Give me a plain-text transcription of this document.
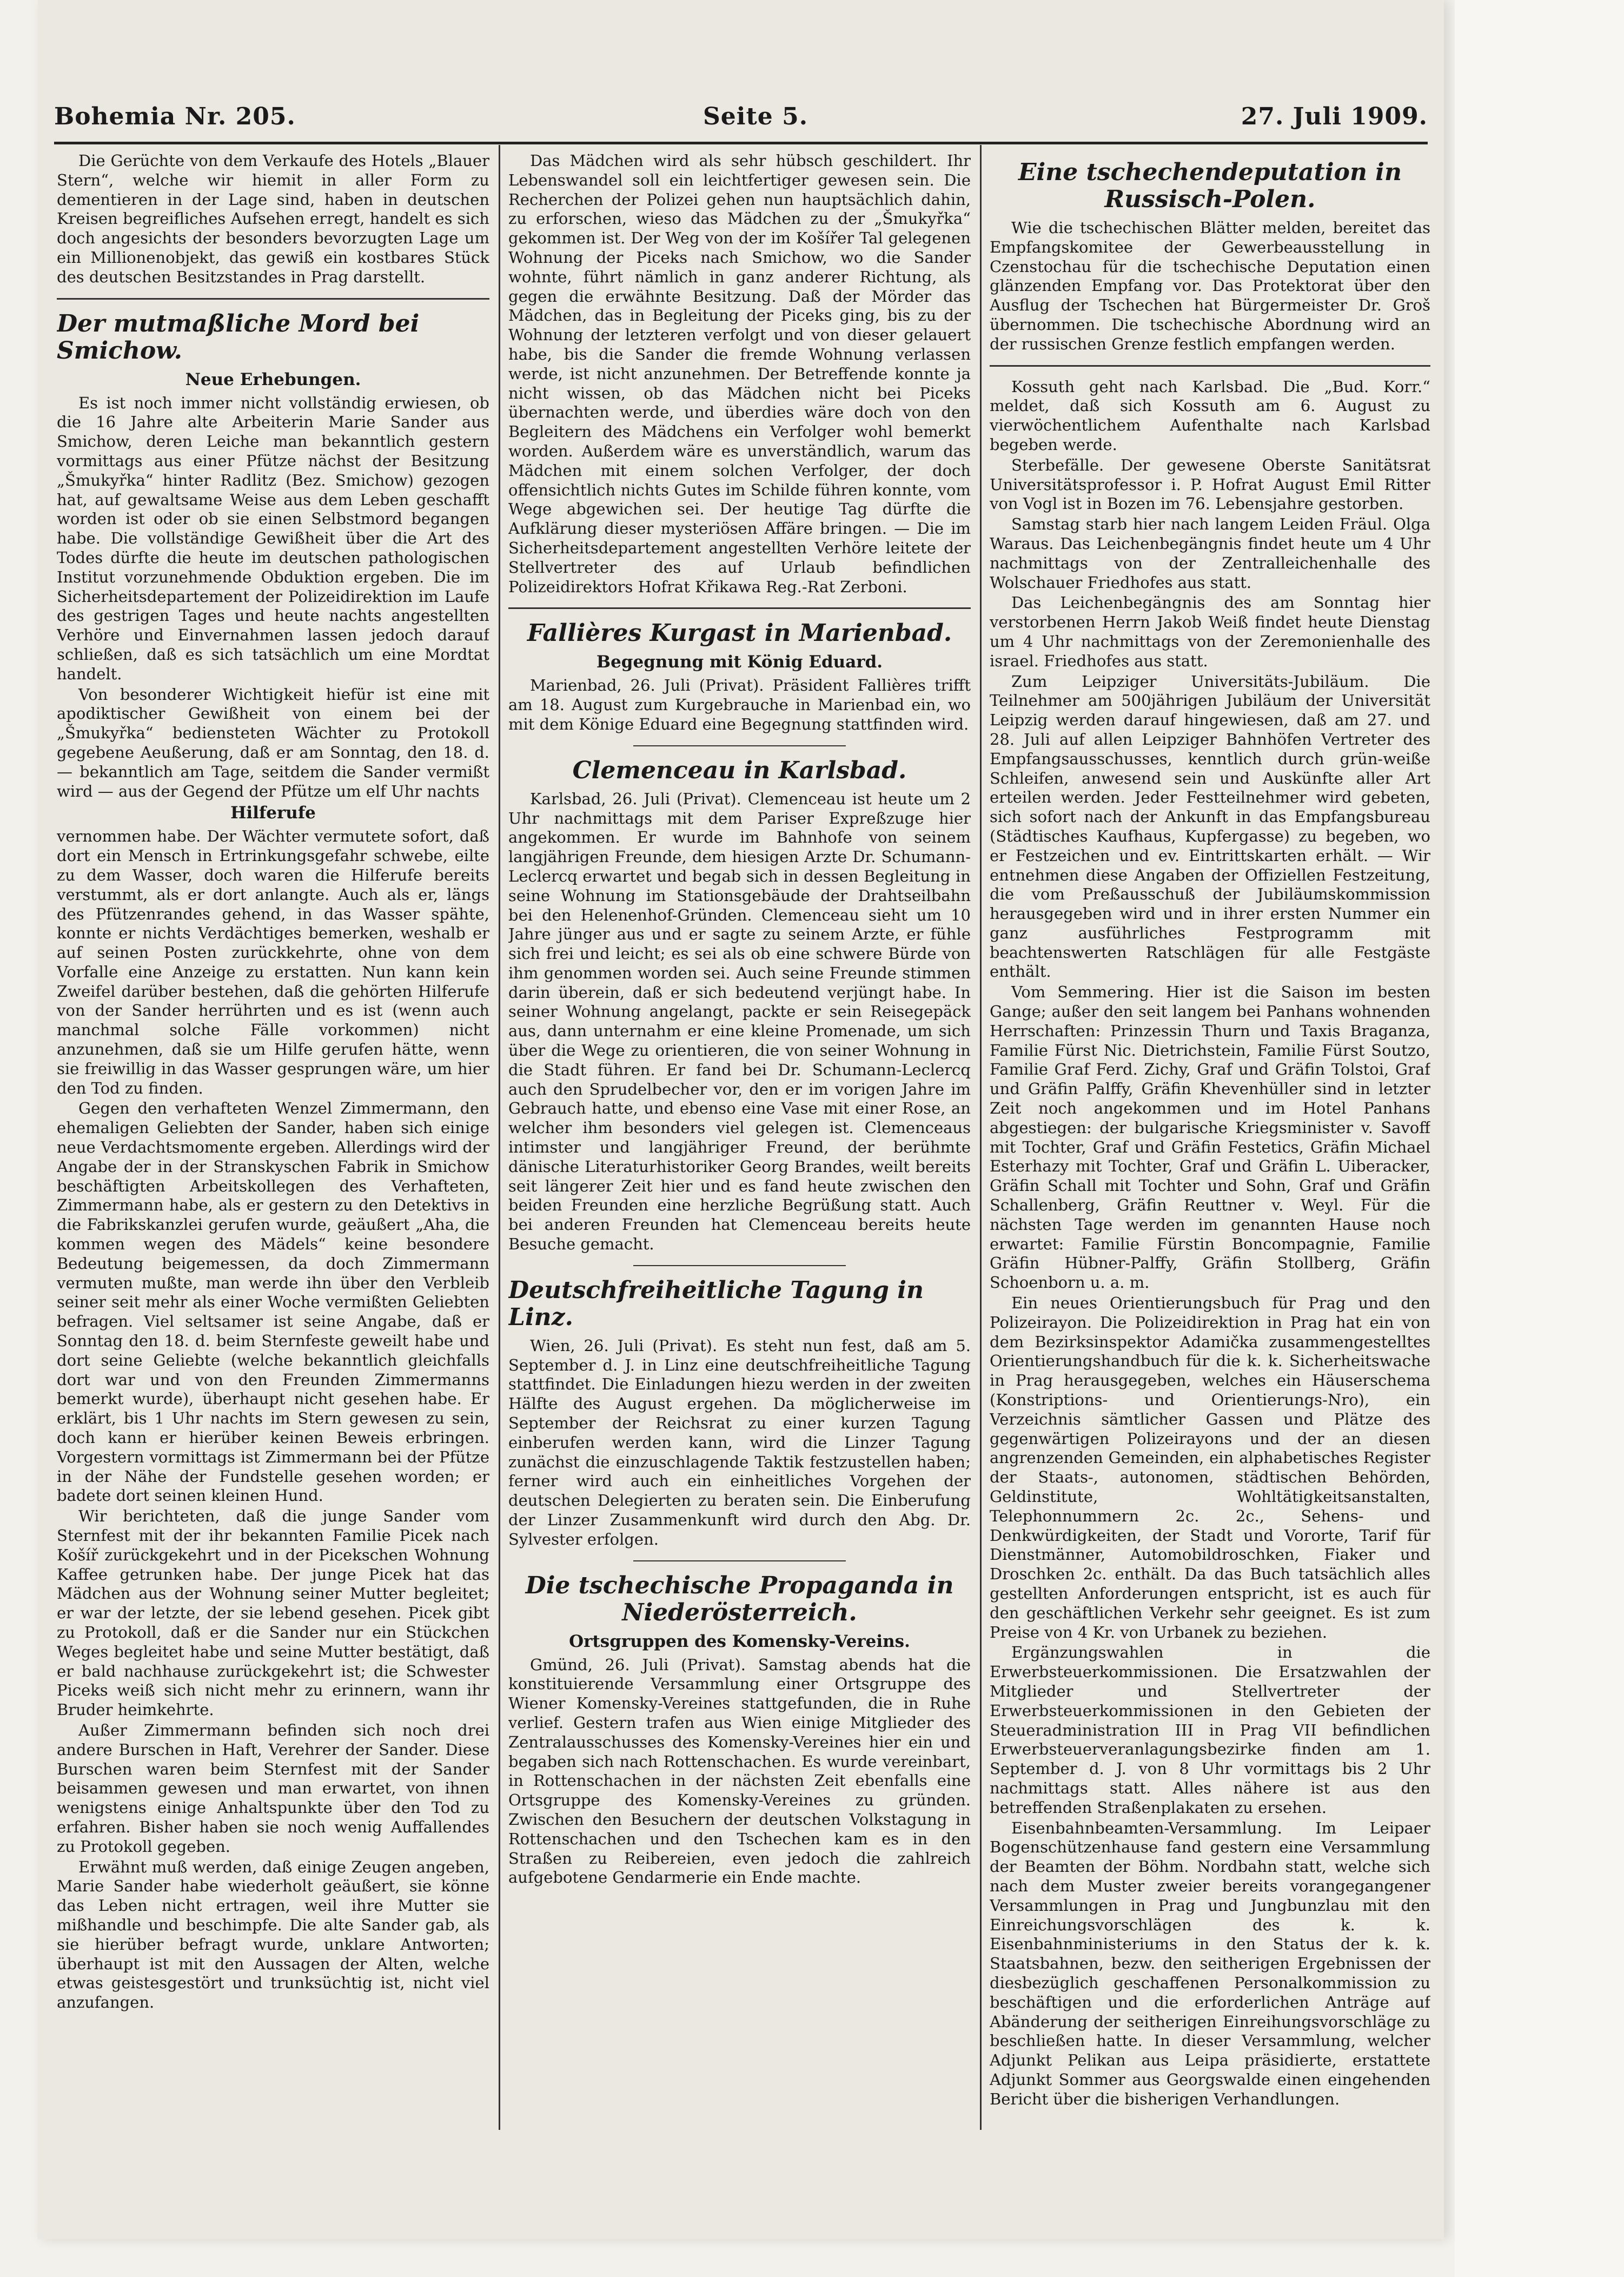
Bohemia Nr. 205.	Seite 5.	27. Juli 1909.

Die Gerüchte von dem Verkaufe des Hotels „Blauer Stern“, welche wir hiemit in aller Form zu dementieren in der Lage sind, haben in deutschen Kreisen begreifliches Aufsehen erregt, handelt es sich doch angesichts der besonders bevorzugten Lage um ein Millionenobjekt, das gewiß ein kostbares Stück des deutschen Besitzstandes in Prag darstellt.

Der mutmaßliche Mord bei Smichow.
Neue Erhebungen.

Es ist noch immer nicht vollständig erwiesen, ob die 16 Jahre alte Arbeiterin Marie Sander aus Smichow, deren Leiche man bekanntlich gestern vormittags aus einer Pfütze nächst der Besitzung „Šmukyřka“ hinter Radlitz (Bez. Smichow) gezogen hat, auf gewaltsame Weise aus dem Leben geschafft worden ist oder ob sie einen Selbstmord begangen habe. Die vollständige Gewißheit über die Art des Todes dürfte die heute im deutschen pathologischen Institut vorzunehmende Obduktion ergeben. Die im Sicherheitsdepartement der Polizeidirektion im Laufe des gestrigen Tages und heute nachts angestellten Verhöre und Einvernahmen lassen jedoch darauf schließen, daß es sich tatsächlich um eine Mordtat handelt.

Von besonderer Wichtigkeit hiefür ist eine mit apodiktischer Gewißheit von einem bei der „Šmukyřka“ bediensteten Wächter zu Protokoll gegebene Aeußerung, daß er am Sonntag, den 18. d. — bekanntlich am Tage, seitdem die Sander vermißt wird — aus der Gegend der Pfütze um elf Uhr nachts

Hilferufe

vernommen habe. Der Wächter vermutete sofort, daß dort ein Mensch in Ertrinkungsgefahr schwebe, eilte zu dem Wasser, doch waren die Hilferufe bereits verstummt, als er dort anlangte. Auch als er, längs des Pfützenrandes gehend, in das Wasser spähte, konnte er nichts Verdächtiges bemerken, weshalb er auf seinen Posten zurückkehrte, ohne von dem Vorfalle eine Anzeige zu erstatten. Nun kann kein Zweifel darüber bestehen, daß die gehörten Hilferufe von der Sander herrührten und es ist (wenn auch manchmal solche Fälle vorkommen) nicht anzunehmen, daß sie um Hilfe gerufen hätte, wenn sie freiwillig in das Wasser gesprungen wäre, um hier den Tod zu finden.

Gegen den verhafteten Wenzel Zimmermann, den ehemaligen Geliebten der Sander, haben sich einige neue Verdachtsmomente ergeben. Allerdings wird der Angabe der in der Stranskyschen Fabrik in Smichow beschäftigten Arbeitskollegen des Verhafteten, Zimmermann habe, als er gestern zu den Detektivs in die Fabrikskanzlei gerufen wurde, geäußert „Aha, die kommen wegen des Mädels“ keine besondere Bedeutung beigemessen, da doch Zimmermann vermuten mußte, man werde ihn über den Verbleib seiner seit mehr als einer Woche vermißten Geliebten befragen. Viel seltsamer ist seine Angabe, daß er Sonntag den 18. d. beim Sternfeste geweilt habe und dort seine Geliebte (welche bekanntlich gleichfalls dort war und von den Freunden Zimmermanns bemerkt wurde), überhaupt nicht gesehen habe. Er erklärt, bis 1 Uhr nachts im Stern gewesen zu sein, doch kann er hierüber keinen Beweis erbringen. Vorgestern vormittags ist Zimmermann bei der Pfütze in der Nähe der Fundstelle gesehen worden; er badete dort seinen kleinen Hund.

Wir berichteten, daß die junge Sander vom Sternfest mit der ihr bekannten Familie Picek nach Košíř zurückgekehrt und in der Picekschen Wohnung Kaffee getrunken habe. Der junge Picek hat das Mädchen aus der Wohnung seiner Mutter begleitet; er war der letzte, der sie lebend gesehen. Picek gibt zu Protokoll, daß er die Sander nur ein Stückchen Weges begleitet habe und seine Mutter bestätigt, daß er bald nachhause zurückgekehrt ist; die Schwester Piceks weiß sich nicht mehr zu erinnern, wann ihr Bruder heimkehrte.

Außer Zimmermann befinden sich noch drei andere Burschen in Haft, Verehrer der Sander. Diese Burschen waren beim Sternfest mit der Sander beisammen gewesen und man erwartet, von ihnen wenigstens einige Anhaltspunkte über den Tod zu erfahren. Bisher haben sie noch wenig Auffallendes zu Protokoll gegeben.

Erwähnt muß werden, daß einige Zeugen angeben, Marie Sander habe wiederholt geäußert, sie könne das Leben nicht ertragen, weil ihre Mutter sie mißhandle und beschimpfe. Die alte Sander gab, als sie hierüber befragt wurde, unklare Antworten; überhaupt ist mit den Aussagen der Alten, welche etwas geistesgestört und trunksüchtig ist, nicht viel anzufangen.

Das Mädchen wird als sehr hübsch geschildert. Ihr Lebenswandel soll ein leichtfertiger gewesen sein. Die Recherchen der Polizei gehen nun hauptsächlich dahin, zu erforschen, wieso das Mädchen zu der „Šmukyřka“ gekommen ist. Der Weg von der im Košířer Tal gelegenen Wohnung der Piceks nach Smichow, wo die Sander wohnte, führt nämlich in ganz anderer Richtung, als gegen die erwähnte Besitzung. Daß der Mörder das Mädchen, das in Begleitung der Piceks ging, bis zu der Wohnung der letzteren verfolgt und von dieser gelauert habe, bis die Sander die fremde Wohnung verlassen werde, ist nicht anzunehmen. Der Betreffende konnte ja nicht wissen, ob das Mädchen nicht bei Piceks übernachten werde, und überdies wäre doch von den Begleitern des Mädchens ein Verfolger wohl bemerkt worden. Außerdem wäre es unverständlich, warum das Mädchen mit einem solchen Verfolger, der doch offensichtlich nichts Gutes im Schilde führen konnte, vom Wege abgewichen sei. Der heutige Tag dürfte die Aufklärung dieser mysteriösen Affäre bringen. — Die im Sicherheitsdepartement angestellten Verhöre leitete der Stellvertreter des auf Urlaub befindlichen Polizeidirektors Hofrat Křikawa Reg.-Rat Zerboni.

Fallières Kurgast in Marienbad.
Begegnung mit König Eduard.

Marienbad, 26. Juli (Privat). Präsident Fallières trifft am 18. August zum Kurgebrauche in Marienbad ein, wo mit dem Könige Eduard eine Begegnung stattfinden wird.

Clemenceau in Karlsbad.

Karlsbad, 26. Juli (Privat). Clemenceau ist heute um 2 Uhr nachmittags mit dem Pariser Expreßzuge hier angekommen. Er wurde im Bahnhofe von seinem langjährigen Freunde, dem hiesigen Arzte Dr. Schumann-Leclercq erwartet und begab sich in dessen Begleitung in seine Wohnung im Stationsgebäude der Drahtseilbahn bei den Helenenhof-Gründen. Clemenceau sieht um 10 Jahre jünger aus und er sagte zu seinem Arzte, er fühle sich frei und leicht; es sei als ob eine schwere Bürde von ihm genommen worden sei. Auch seine Freunde stimmen darin überein, daß er sich bedeutend verjüngt habe. In seiner Wohnung angelangt, packte er sein Reisegepäck aus, dann unternahm er eine kleine Promenade, um sich über die Wege zu orientieren, die von seiner Wohnung in die Stadt führen. Er fand bei Dr. Schumann-Leclercq auch den Sprudelbecher vor, den er im vorigen Jahre im Gebrauch hatte, und ebenso eine Vase mit einer Rose, an welcher ihm besonders viel gelegen ist. Clemenceaus intimster und langjähriger Freund, der berühmte dänische Literaturhistoriker Georg Brandes, weilt bereits seit längerer Zeit hier und es fand heute zwischen den beiden Freunden eine herzliche Begrüßung statt. Auch bei anderen Freunden hat Clemenceau bereits heute Besuche gemacht.

Deutschfreiheitliche Tagung in Linz.

Wien, 26. Juli (Privat). Es steht nun fest, daß am 5. September d. J. in Linz eine deutschfreiheitliche Tagung stattfindet. Die Einladungen hiezu werden in der zweiten Hälfte des August ergehen. Da möglicherweise im September der Reichsrat zu einer kurzen Tagung einberufen werden kann, wird die Linzer Tagung zunächst die einzuschlagende Taktik festzustellen haben; ferner wird auch ein einheitliches Vorgehen der deutschen Delegierten zu beraten sein. Die Einberufung der Linzer Zusammenkunft wird durch den Abg. Dr. Sylvester erfolgen.

Die tschechische Propaganda in Niederösterreich.
Ortsgruppen des Komensky-Vereins.

Gmünd, 26. Juli (Privat). Samstag abends hat die konstituierende Versammlung einer Ortsgruppe des Wiener Komensky-Vereines stattgefunden, die in Ruhe verlief. Gestern trafen aus Wien einige Mitglieder des Zentralausschusses des Komensky-Vereines hier ein und begaben sich nach Rottenschachen. Es wurde vereinbart, in Rottenschachen in der nächsten Zeit ebenfalls eine Ortsgruppe des Komensky-Vereines zu gründen. Zwischen den Besuchern der deutschen Volkstagung in Rottenschachen und den Tschechen kam es in den Straßen zu Reibereien, even jedoch die zahlreich aufgebotene Gendarmerie ein Ende machte.

Eine tschechendeputation in Russisch-Polen.

Wie die tschechischen Blätter melden, bereitet das Empfangskomitee der Gewerbeausstellung in Czenstochau für die tschechische Deputation einen glänzenden Empfang vor. Das Protektorat über den Ausflug der Tschechen hat Bürgermeister Dr. Groš übernommen. Die tschechische Abordnung wird an der russischen Grenze festlich empfangen werden.

Kossuth geht nach Karlsbad. Die „Bud. Korr.“ meldet, daß sich Kossuth am 6. August zu vierwöchentlichem Aufenthalte nach Karlsbad begeben werde.

Sterbefälle. Der gewesene Oberste Sanitätsrat Universitätsprofessor i. P. Hofrat August Emil Ritter von Vogl ist in Bozen im 76. Lebensjahre gestorben.

Samstag starb hier nach langem Leiden Fräul. Olga Waraus. Das Leichenbegängnis findet heute um 4 Uhr nachmittags von der Zentralleichenhalle des Wolschauer Friedhofes aus statt.

Das Leichenbegängnis des am Sonntag hier verstorbenen Herrn Jakob Weiß findet heute Dienstag um 4 Uhr nachmittags von der Zeremonienhalle des israel. Friedhofes aus statt.

Zum Leipziger Universitäts-Jubiläum. Die Teilnehmer am 500jährigen Jubiläum der Universität Leipzig werden darauf hingewiesen, daß am 27. und 28. Juli auf allen Leipziger Bahnhöfen Vertreter des Empfangsausschusses, kenntlich durch grün-weiße Schleifen, anwesend sein und Auskünfte aller Art erteilen werden. Jeder Festteilnehmer wird gebeten, sich sofort nach der Ankunft in das Empfangsbureau (Städtisches Kaufhaus, Kupfergasse) zu begeben, wo er Festzeichen und ev. Eintrittskarten erhält. — Wir entnehmen diese Angaben der Offiziellen Festzeitung, die vom Preßausschuß der Jubiläumskommission herausgegeben wird und in ihrer ersten Nummer ein ganz ausführliches Festprogramm mit beachtenswerten Ratschlägen für alle Festgäste enthält.

Vom Semmering. Hier ist die Saison im besten Gange; außer den seit langem bei Panhans wohnenden Herrschaften: Prinzessin Thurn und Taxis Braganza, Familie Fürst Nic. Dietrichstein, Familie Fürst Soutzo, Familie Graf Ferd. Zichy, Graf und Gräfin Tolstoi, Graf und Gräfin Palffy, Gräfin Khevenhüller sind in letzter Zeit noch angekommen und im Hotel Panhans abgestiegen: der bulgarische Kriegsminister v. Savoff mit Tochter, Graf und Gräfin Festetics, Gräfin Michael Esterhazy mit Tochter, Graf und Gräfin L. Uiberacker, Gräfin Schall mit Tochter und Sohn, Graf und Gräfin Schallenberg, Gräfin Reuttner v. Weyl. Für die nächsten Tage werden im genannten Hause noch erwartet: Familie Fürstin Boncompagnie, Familie Gräfin Hübner-Palffy, Gräfin Stollberg, Gräfin Schoenborn u. a. m.

Ein neues Orientierungsbuch für Prag und den Polizeirayon. Die Polizeidirektion in Prag hat ein von dem Bezirksinspektor Adamička zusammengestelltes Orientierungshandbuch für die k. k. Sicherheitswache in Prag herausgegeben, welches ein Häuserschema (Konstriptions- und Orientierungs-Nro), ein Verzeichnis sämtlicher Gassen und Plätze des gegenwärtigen Polizeirayons und der an diesen angrenzenden Gemeinden, ein alphabetisches Register der Staats-, autonomen, städtischen Behörden, Geldinstitute, Wohltätigkeitsanstalten, Telephonnummern 2c. 2c., Sehens- und Denkwürdigkeiten, der Stadt und Vororte, Tarif für Dienstmänner, Automobildroschken, Fiaker und Droschken 2c. enthält. Da das Buch tatsächlich alles gestellten Anforderungen entspricht, ist es auch für den geschäftlichen Verkehr sehr geeignet. Es ist zum Preise von 4 Kr. von Urbanek zu beziehen.

Ergänzungswahlen in die Erwerbsteuerkommissionen. Die Ersatzwahlen der Mitglieder und Stellvertreter der Erwerbsteuerkommissionen in den Gebieten der Steueradministration III in Prag VII befindlichen Erwerbsteuerveranlagungsbezirke finden am 1. September d. J. von 8 Uhr vormittags bis 2 Uhr nachmittags statt. Alles nähere ist aus den betreffenden Straßenplakaten zu ersehen.

Eisenbahnbeamten-Versammlung. Im Leipaer Bogenschützenhause fand gestern eine Versammlung der Beamten der Böhm. Nordbahn statt, welche sich nach dem Muster zweier bereits vorangegangener Versammlungen in Prag und Jungbunzlau mit den Einreichungsvorschlägen des k. k. Eisenbahnministeriums in den Status der k. k. Staatsbahnen, bezw. den seitherigen Ergebnissen der diesbezüglich geschaffenen Personalkommission zu beschäftigen und die erforderlichen Anträge auf Abänderung der seitherigen Einreihungsvorschläge zu beschließen hatte. In dieser Versammlung, welcher Adjunkt Pelikan aus Leipa präsidierte, erstattete Adjunkt Sommer aus Georgswalde einen eingehenden Bericht über die bisherigen Verhandlungen.
